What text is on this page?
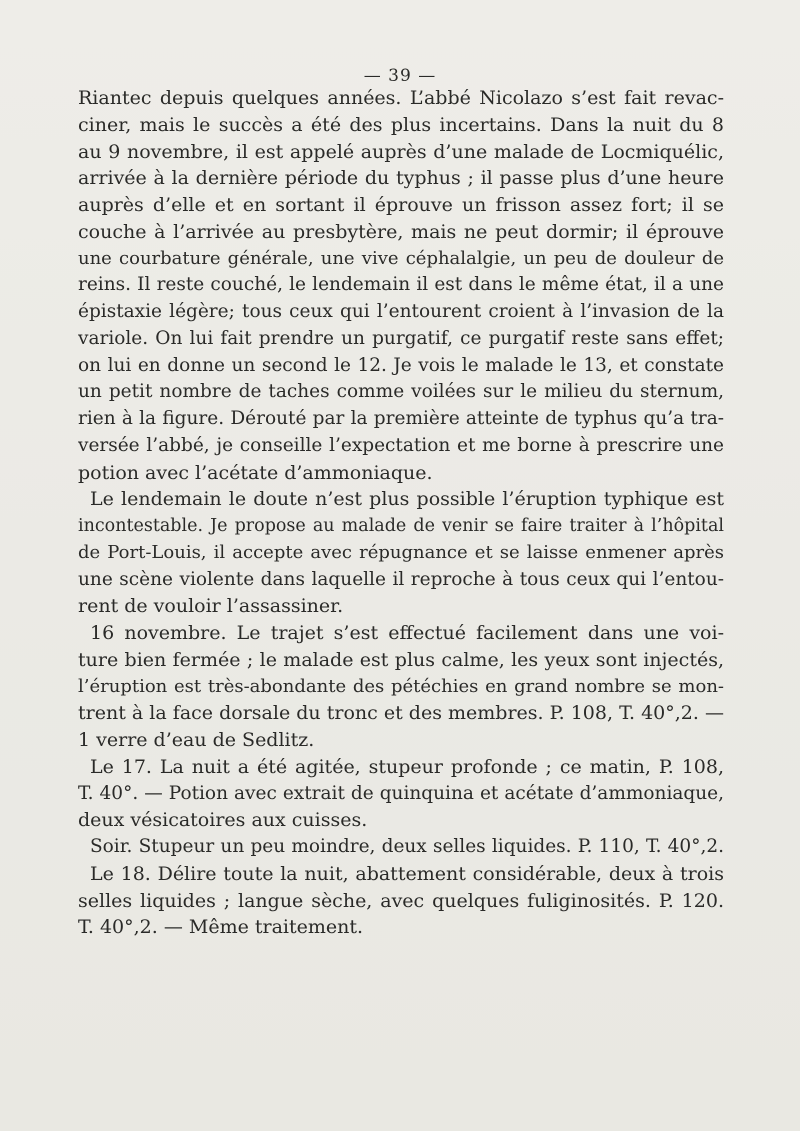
— 39 —
Riantec depuis quelques années. L’abbé Nicolazo s’est fait revac-
ciner, mais le succès a été des plus incertains. Dans la nuit du 8
au 9 novembre, il est appelé auprès d’une malade de Locmiquélic,
arrivée à la dernière période du typhus ; il passe plus d’une heure
auprès d’elle et en sortant il éprouve un frisson assez fort; il se
couche à l’arrivée au presbytère, mais ne peut dormir; il éprouve
une courbature générale, une vive céphalalgie, un peu de douleur de
reins. Il reste couché, le lendemain il est dans le même état, il a une
épistaxie légère; tous ceux qui l’entourent croient à l’invasion de la
variole. On lui fait prendre un purgatif, ce purgatif reste sans effet;
on lui en donne un second le 12. Je vois le malade le 13, et constate
un petit nombre de taches comme voilées sur le milieu du sternum,
rien à la figure. Dérouté par la première atteinte de typhus qu’a tra-
versée l’abbé, je conseille l’expectation et me borne à prescrire une
potion avec l’acétate d’ammoniaque.
Le lendemain le doute n’est plus possible l’éruption typhique est
incontestable. Je propose au malade de venir se faire traiter à l’hôpital
de Port-Louis, il accepte avec répugnance et se laisse enmener après
une scène violente dans laquelle il reproche à tous ceux qui l’entou-
rent de vouloir l’assassiner.
16 novembre. Le trajet s’est effectué facilement dans une voi-
ture bien fermée ; le malade est plus calme, les yeux sont injectés,
l’éruption est très-abondante des pétéchies en grand nombre se mon-
trent à la face dorsale du tronc et des membres. P. 108, T. 40°,2. —
1 verre d’eau de Sedlitz.
Le 17. La nuit a été agitée, stupeur profonde ; ce matin, P. 108,
T. 40°. — Potion avec extrait de quinquina et acétate d’ammoniaque,
deux vésicatoires aux cuisses.
Soir. Stupeur un peu moindre, deux selles liquides. P. 110, T. 40°,2.
Le 18. Délire toute la nuit, abattement considérable, deux à trois
selles liquides ; langue sèche, avec quelques fuliginosités. P. 120.
T. 40°,2. — Même traitement.
